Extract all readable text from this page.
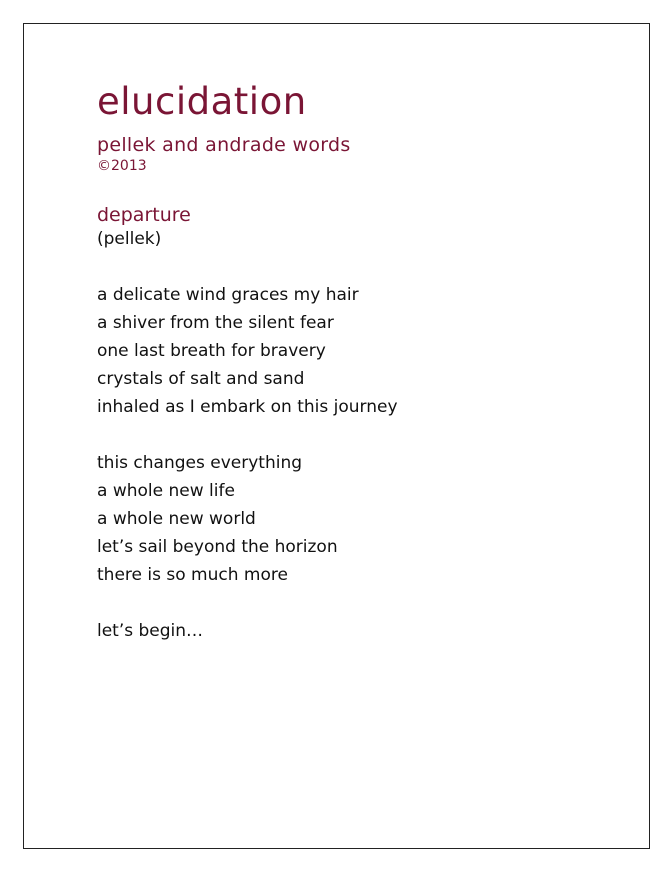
elucidation
pellek and andrade words
©2013
departure
(pellek)
a delicate wind graces my hair
a shiver from the silent fear
one last breath for bravery
crystals of salt and sand
inhaled as I embark on this journey
this changes everything
a whole new life
a whole new world
let’s sail beyond the horizon
there is so much more
let’s begin…
